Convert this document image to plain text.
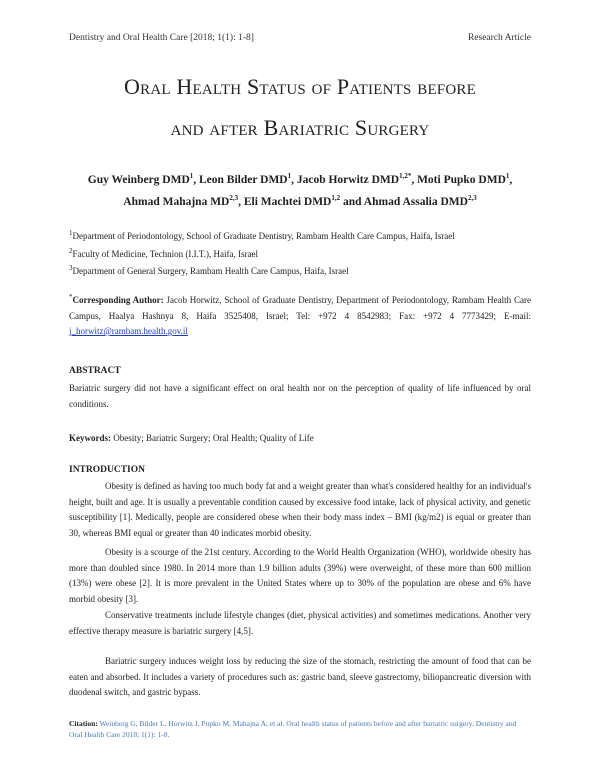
Dentistry and Oral Health Care [2018; 1(1): 1-8]	Research Article
Oral Health Status of Patients before
and after Bariatric Surgery
Guy Weinberg DMD$^1$, Leon Bilder DMD$^1$, Jacob Horwitz $DMD^{1,2*}$, Moti Pupko DMD$^1$,
Ahmad Mahajna MD$^{2,3}$, Eli Machtei DMD$^{1,2}$ and Ahmad Assalia DMD$^{2,3}$
$^1$Department of Periodontology, School of Graduate Dentistry, Rambam Health Care Campus, Haifa, Israel
$^2$Faculty of Medicine, Technion (I.I.T.), Haifa, Israel
$^3$Department of General Surgery, Rambam Health Care Campus, Haifa, Israel
*Corresponding Author: Jacob Horwitz, School of Graduate Dentistry, Department of Periodontology, Rambam Health Care Campus, Haalya Hashnya 8, Haifa 3525408, Israel; Tel: +972 4 8542983; Fax: +972 4 7773429; E-mail: j_horwitz@rambam.health.gov.il
ABSTRACT
Bariatric surgery did not have a significant effect on oral health nor on the perception of quality of life influenced by oral conditions.
Keywords: Obesity; Bariatric Surgery; Oral Health; Quality of Life
INTRODUCTION
Obesity is defined as having too much body fat and a weight greater than what's considered healthy for an individual's height, built and age. It is usually a preventable condition caused by excessive food intake, lack of physical activity, and genetic susceptibility [1]. Medically, people are considered obese when their body mass index – BMI (kg/m2) is equal or greater than 30, whereas BMI equal or greater than 40 indicates morbid obesity.
Obesity is a scourge of the 21st century. According to the World Health Organization (WHO), worldwide obesity has more than doubled since 1980. In 2014 more than 1.9 billion adults (39%) were overweight, of these more than 600 million (13%) were obese [2]. It is more prevalent in the United States where up to 30% of the population are obese and 6% have morbid obesity [3].
Conservative treatments include lifestyle changes (diet, physical activities) and sometimes medications. Another very effective therapy measure is bariatric surgery [4,5].
Bariatric surgery induces weight loss by reducing the size of the stomach, restricting the amount of food that can be eaten and absorbed. It includes a variety of procedures such as: gastric band, sleeve gastrectomy, biliopancreatic diversion with duodenal switch, and gastric bypass.
Citation: Weinberg G, Bilder L, Horwitz J, Pupko M, Mahajna A, et al. Oral health status of patients before and after bariatric surgery. Dentistry and Oral Health Care 2018; 1(1): 1-8.
